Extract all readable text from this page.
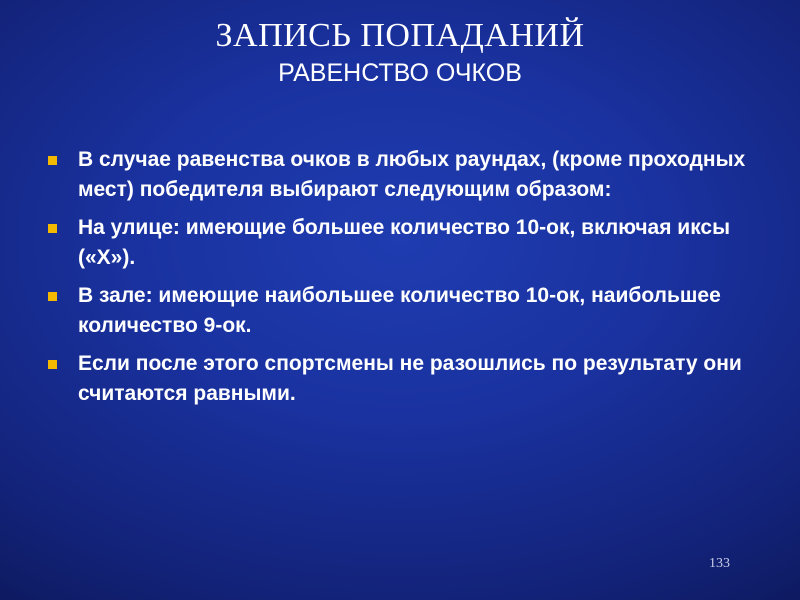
ЗАПИСЬ ПОПАДАНИЙ
РАВЕНСТВО ОЧКОВ
В случае равенства очков в любых раундах, (кроме проходных мест) победителя выбирают следующим образом:
На улице: имеющие большее количество 10-ок, включая иксы («Х»).
В зале: имеющие наибольшее количество 10-ок, наибольшее количество 9-ок.
Если после этого спортсмены не разошлись по результату они считаются равными.
133
